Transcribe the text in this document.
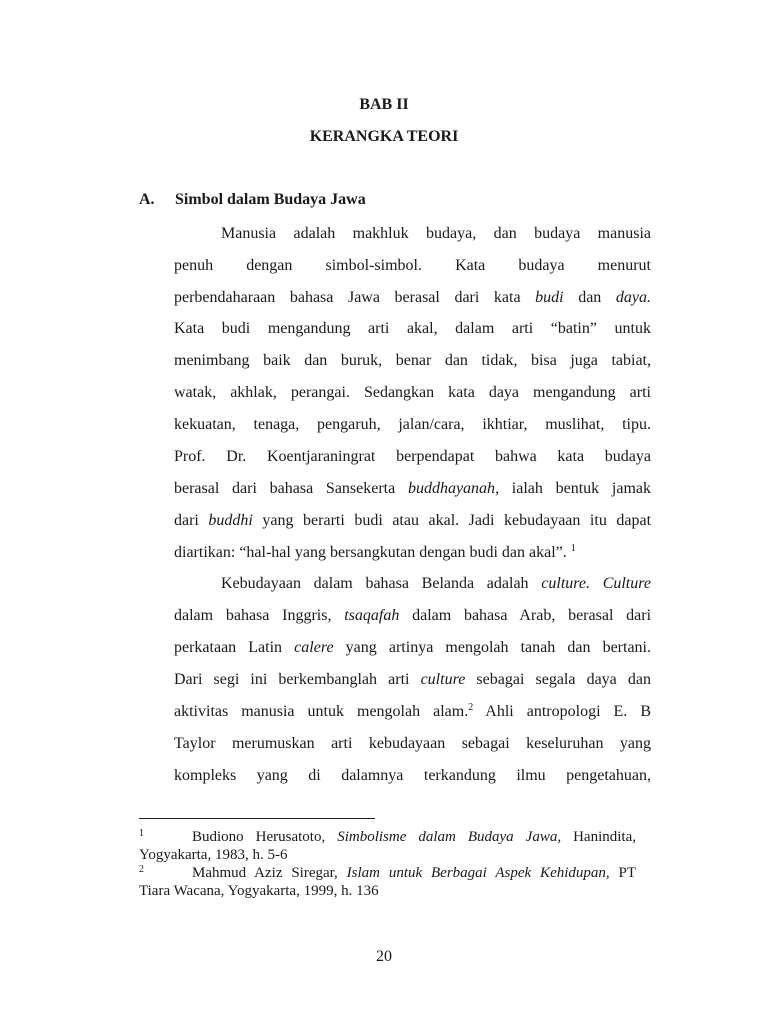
BAB II
KERANGKA TEORI
A. Simbol dalam Budaya Jawa
Manusia adalah makhluk budaya, dan budaya manusia
penuh dengan simbol-simbol. Kata budaya menurut
perbendaharaan bahasa Jawa berasal dari kata budi dan daya.
Kata budi mengandung arti akal, dalam arti “batin” untuk
menimbang baik dan buruk, benar dan tidak, bisa juga tabiat,
watak, akhlak, perangai. Sedangkan kata daya mengandung arti
kekuatan, tenaga, pengaruh, jalan/cara, ikhtiar, muslihat, tipu.
Prof. Dr. Koentjaraningrat berpendapat bahwa kata budaya
berasal dari bahasa Sansekerta buddhayanah, ialah bentuk jamak
dari buddhi yang berarti budi atau akal. Jadi kebudayaan itu dapat
diartikan: “hal-hal yang bersangkutan dengan budi dan akal”. $^1$
Kebudayaan dalam bahasa Belanda adalah culture. Culture
dalam bahasa Inggris, tsaqafah dalam bahasa Arab, berasal dari
perkataan Latin calere yang artinya mengolah tanah dan bertani.
Dari segi ini berkembanglah arti culture sebagai segala daya dan
aktivitas manusia untuk mengolah alam.$^2$ Ahli antropologi E. B
Taylor merumuskan arti kebudayaan sebagai keseluruhan yang
kompleks yang di dalamnya terkandung ilmu pengetahuan,
$^1$	Budiono Herusatoto, Simbolisme dalam Budaya Jawa, Hanindita,
Yogyakarta, 1983, h. 5-6
$^2$	Mahmud Aziz Siregar, Islam untuk Berbagai Aspek Kehidupan, PT
Tiara Wacana, Yogyakarta, 1999, h. 136
20
